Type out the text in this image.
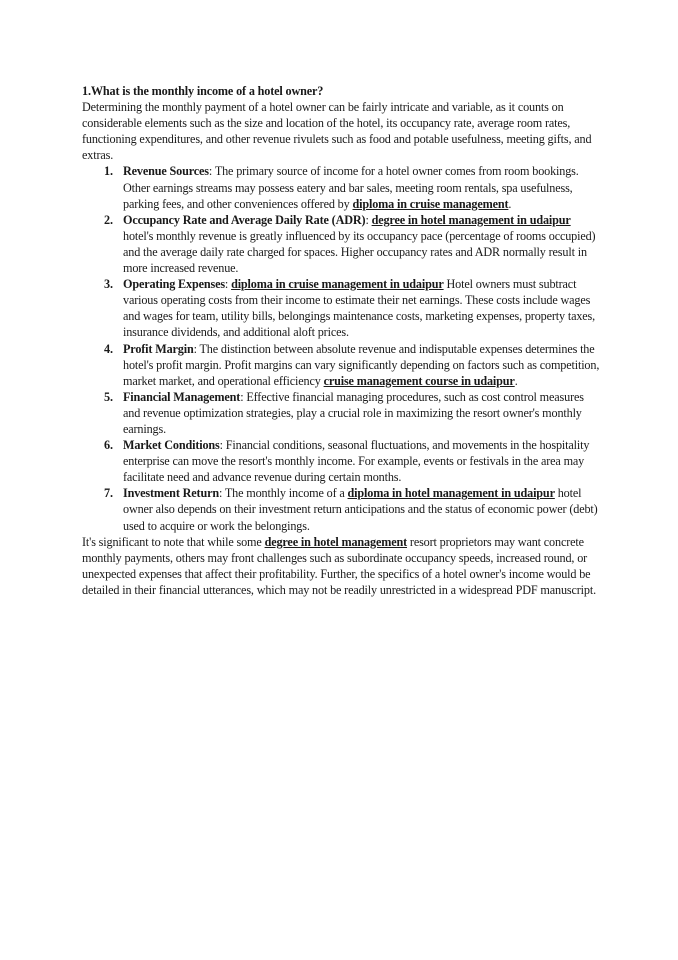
1.What is the monthly income of a hotel owner?

Determining the monthly payment of a hotel owner can be fairly intricate and variable, as it counts on considerable elements such as the size and location of the hotel, its occupancy rate, average room rates, functioning expenditures, and other revenue rivulets such as food and potable usefulness, meeting gifts, and extras.

Revenue Sources: The primary source of income for a hotel owner comes from room bookings. Other earnings streams may possess eatery and bar sales, meeting room rentals, spa usefulness, parking fees, and other conveniences offered by diploma in cruise management.
Occupancy Rate and Average Daily Rate (ADR): degree in hotel management in udaipur hotel's monthly revenue is greatly influenced by its occupancy pace (percentage of rooms occupied) and the average daily rate charged for spaces. Higher occupancy rates and ADR normally result in more increased revenue.
Operating Expenses: diploma in cruise management in udaipur Hotel owners must subtract various operating costs from their income to estimate their net earnings. These costs include wages and wages for team, utility bills, belongings maintenance costs, marketing expenses, property taxes, insurance dividends, and additional aloft prices.
Profit Margin: The distinction between absolute revenue and indisputable expenses determines the hotel's profit margin. Profit margins can vary significantly depending on factors such as competition, market market, and operational efficiency cruise management course in udaipur.
Financial Management: Effective financial managing procedures, such as cost control measures and revenue optimization strategies, play a crucial role in maximizing the resort owner's monthly earnings.
Market Conditions: Financial conditions, seasonal fluctuations, and movements in the hospitality enterprise can move the resort's monthly income. For example, events or festivals in the area may facilitate need and advance revenue during certain months.
Investment Return: The monthly income of a diploma in hotel management in udaipur hotel owner also depends on their investment return anticipations and the status of economic power (debt) used to acquire or work the belongings.

It's significant to note that while some degree in hotel management resort proprietors may want concrete monthly payments, others may front challenges such as subordinate occupancy speeds, increased round, or unexpected expenses that affect their profitability. Further, the specifics of a hotel owner's income would be detailed in their financial utterances, which may not be readily unrestricted in a widespread PDF manuscript.
